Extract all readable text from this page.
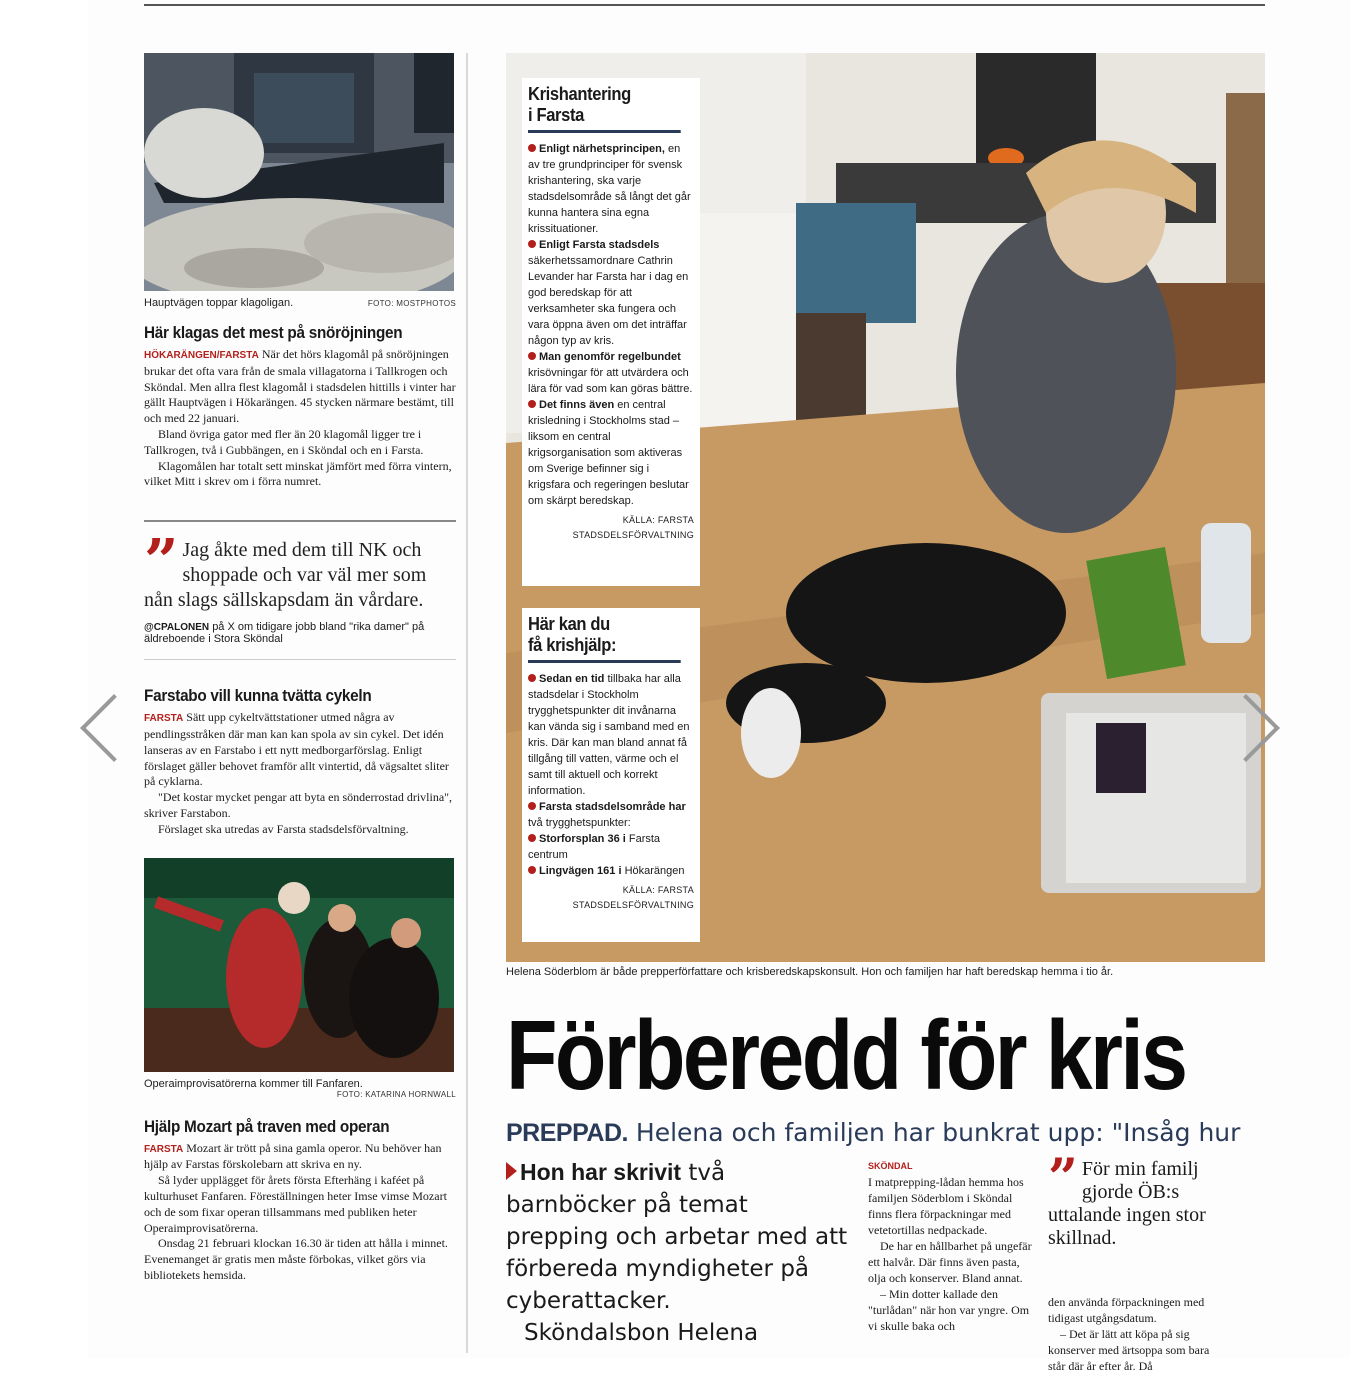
Hauptvägen toppar klagoligan.	FOTO: MOSTPHOTOS
Här klagas det mest på snöröjningen

HÖKARÄNGEN/FARSTA När det hörs klagomål på snöröjningen brukar det ofta vara från de smala villagatorna i Tallkrogen och Sköndal. Men allra flest klagomål i stadsdelen hittills i vinter har gällt Hauptvägen i Hökarängen. 45 stycken närmare bestämt, till och med 22 januari.

Bland övriga gator med fler än 20 klagomål ligger tre i Tallkrogen, två i Gubbängen, en i Sköndal och en i Farsta.

Klagomålen har totalt sett minskat jämfört med förra vintern, vilket Mitt i skrev om i förra numret.

” Jag åkte med dem till NK och shoppade och var väl mer som nån slags sällskapsdam än vårdare.
@CPALONEN på X om tidigare jobb bland "rika damer" på äldreboende i Stora Sköndal
Farstabo vill kunna tvätta cykeln

FARSTA Sätt upp cykeltvättstationer utmed några av pendlingsstråken där man kan kan spola av sin cykel. Det idén lanseras av en Farstabo i ett nytt medborgarförslag. Enligt förslaget gäller behovet framför allt vintertid, då vägsaltet sliter på cyklarna.

"Det kostar mycket pengar att byta en sönderrostad drivlina", skriver Farstabon.

Förslaget ska utredas av Farsta stadsdelsförvaltning.

Operaimprovisatörerna kommer till Fanfaren.
FOTO: KATARINA HORNWALL
Hjälp Mozart på traven med operan

FARSTA Mozart är trött på sina gamla operor. Nu behöver han hjälp av Farstas förskolebarn att skriva en ny.

Så lyder upplägget för årets första Efterhäng i kaféet på kulturhuset Fanfaren. Föreställningen heter Imse vimse Mozart och de som fixar operan tillsammans med publiken heter Operaimprovisatörerna.

Onsdag 21 februari klockan 16.30 är tiden att hålla i minnet. Evenemanget är gratis men måste förbokas, vilket görs via bibliotekets hemsida.

Krishantering
i Farsta

Enligt närhetsprincipen, en av tre grundprinciper för svensk krishantering, ska varje stadsdelsområde så långt det går kunna hantera sina egna krissituationer.

Enligt Farsta stadsdels säkerhetssamordnare Cathrin Levander har Farsta har i dag en god beredskap för att verksamheter ska fungera och vara öppna även om det inträffar någon typ av kris.

Man genomför regelbundet krisövningar för att utvärdera och lära för vad som kan göras bättre.

Det finns även en central krisledning i Stockholms stad – liksom en central krigsorganisation som aktiveras om Sverige befinner sig i krigsfara och regeringen beslutar om skärpt beredskap.

KÄLLA: FARSTA STADSDELSFÖRVALTNING
Här kan du
få krishjälp:

Sedan en tid tillbaka har alla stadsdelar i Stockholm trygghetspunkter dit invånarna kan vända sig i samband med en kris. Där kan man bland annat få tillgång till vatten, värme och el samt till aktuell och korrekt information.

Farsta stadsdelsområde har två trygghetspunkter:

Storforsplan 36 i Farsta centrum

Lingvägen 161 i Hökarängen

KÄLLA: FARSTA STADSDELSFÖRVALTNING
Helena Söderblom är både prepperförfattare och krisberedskapskonsult. Hon och familjen har haft beredskap hemma i tio år.
Förberedd för kris
PREPPAD. Helena och familjen har bunkrat upp: "Insåg hur

Hon har skrivit två barnböcker på temat prepping och arbetar med att förbereda myndigheter på cyberattacker.

Sköndalsbon Helena

SKÖNDAL

I matprepping-lådan hemma hos familjen Söderblom i Sköndal finns flera förpackningar med vetetortillas nedpackade.

De har en hållbarhet på ungefär ett halvår. Där finns även pasta, olja och konserver. Bland annat.

– Min dotter kallade den "turlådan" när hon var yngre. Om vi skulle baka och

” För min familj gjorde ÖB:s uttalande ingen stor skillnad.

den använda förpackningen med tidigast utgångsdatum.

– Det är lätt att köpa på sig konserver med ärtsoppa som bara står där år efter år. Då
